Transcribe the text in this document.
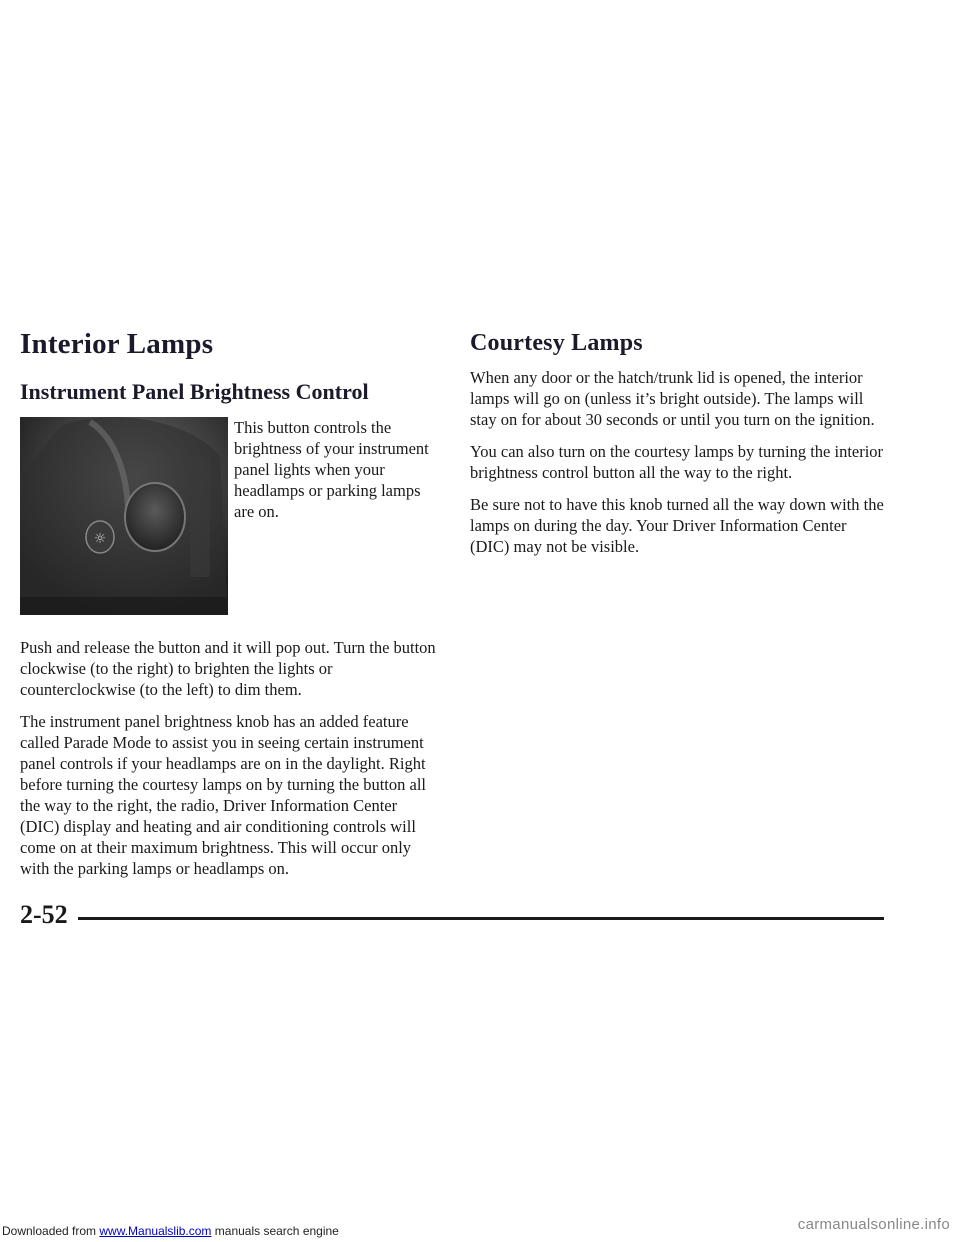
Interior Lamps
Instrument Panel Brightness Control
☼

This button controls the brightness of your instrument panel lights when your headlamps or parking lamps are on.

Push and release the button and it will pop out. Turn the button clockwise (to the right) to brighten the lights or counterclockwise (to the left) to dim them.

The instrument panel brightness knob has an added feature called Parade Mode to assist you in seeing certain instrument panel controls if your headlamps are on in the daylight. Right before turning the courtesy lamps on by turning the button all the way to the right, the radio, Driver Information Center (DIC) display and heating and air conditioning controls will come on at their maximum brightness. This will occur only with the parking lamps or headlamps on.

Courtesy Lamps

When any door or the hatch/trunk lid is opened, the interior lamps will go on (unless it’s bright outside). The lamps will stay on for about 30 seconds or until you turn on the ignition.

You can also turn on the courtesy lamps by turning the interior brightness control button all the way to the right.

Be sure not to have this knob turned all the way down with the lamps on during the day. Your Driver Information Center (DIC) may not be visible.

2-52
Downloaded from www.Manualslib.com manuals search engine	carmanualsonline.info
